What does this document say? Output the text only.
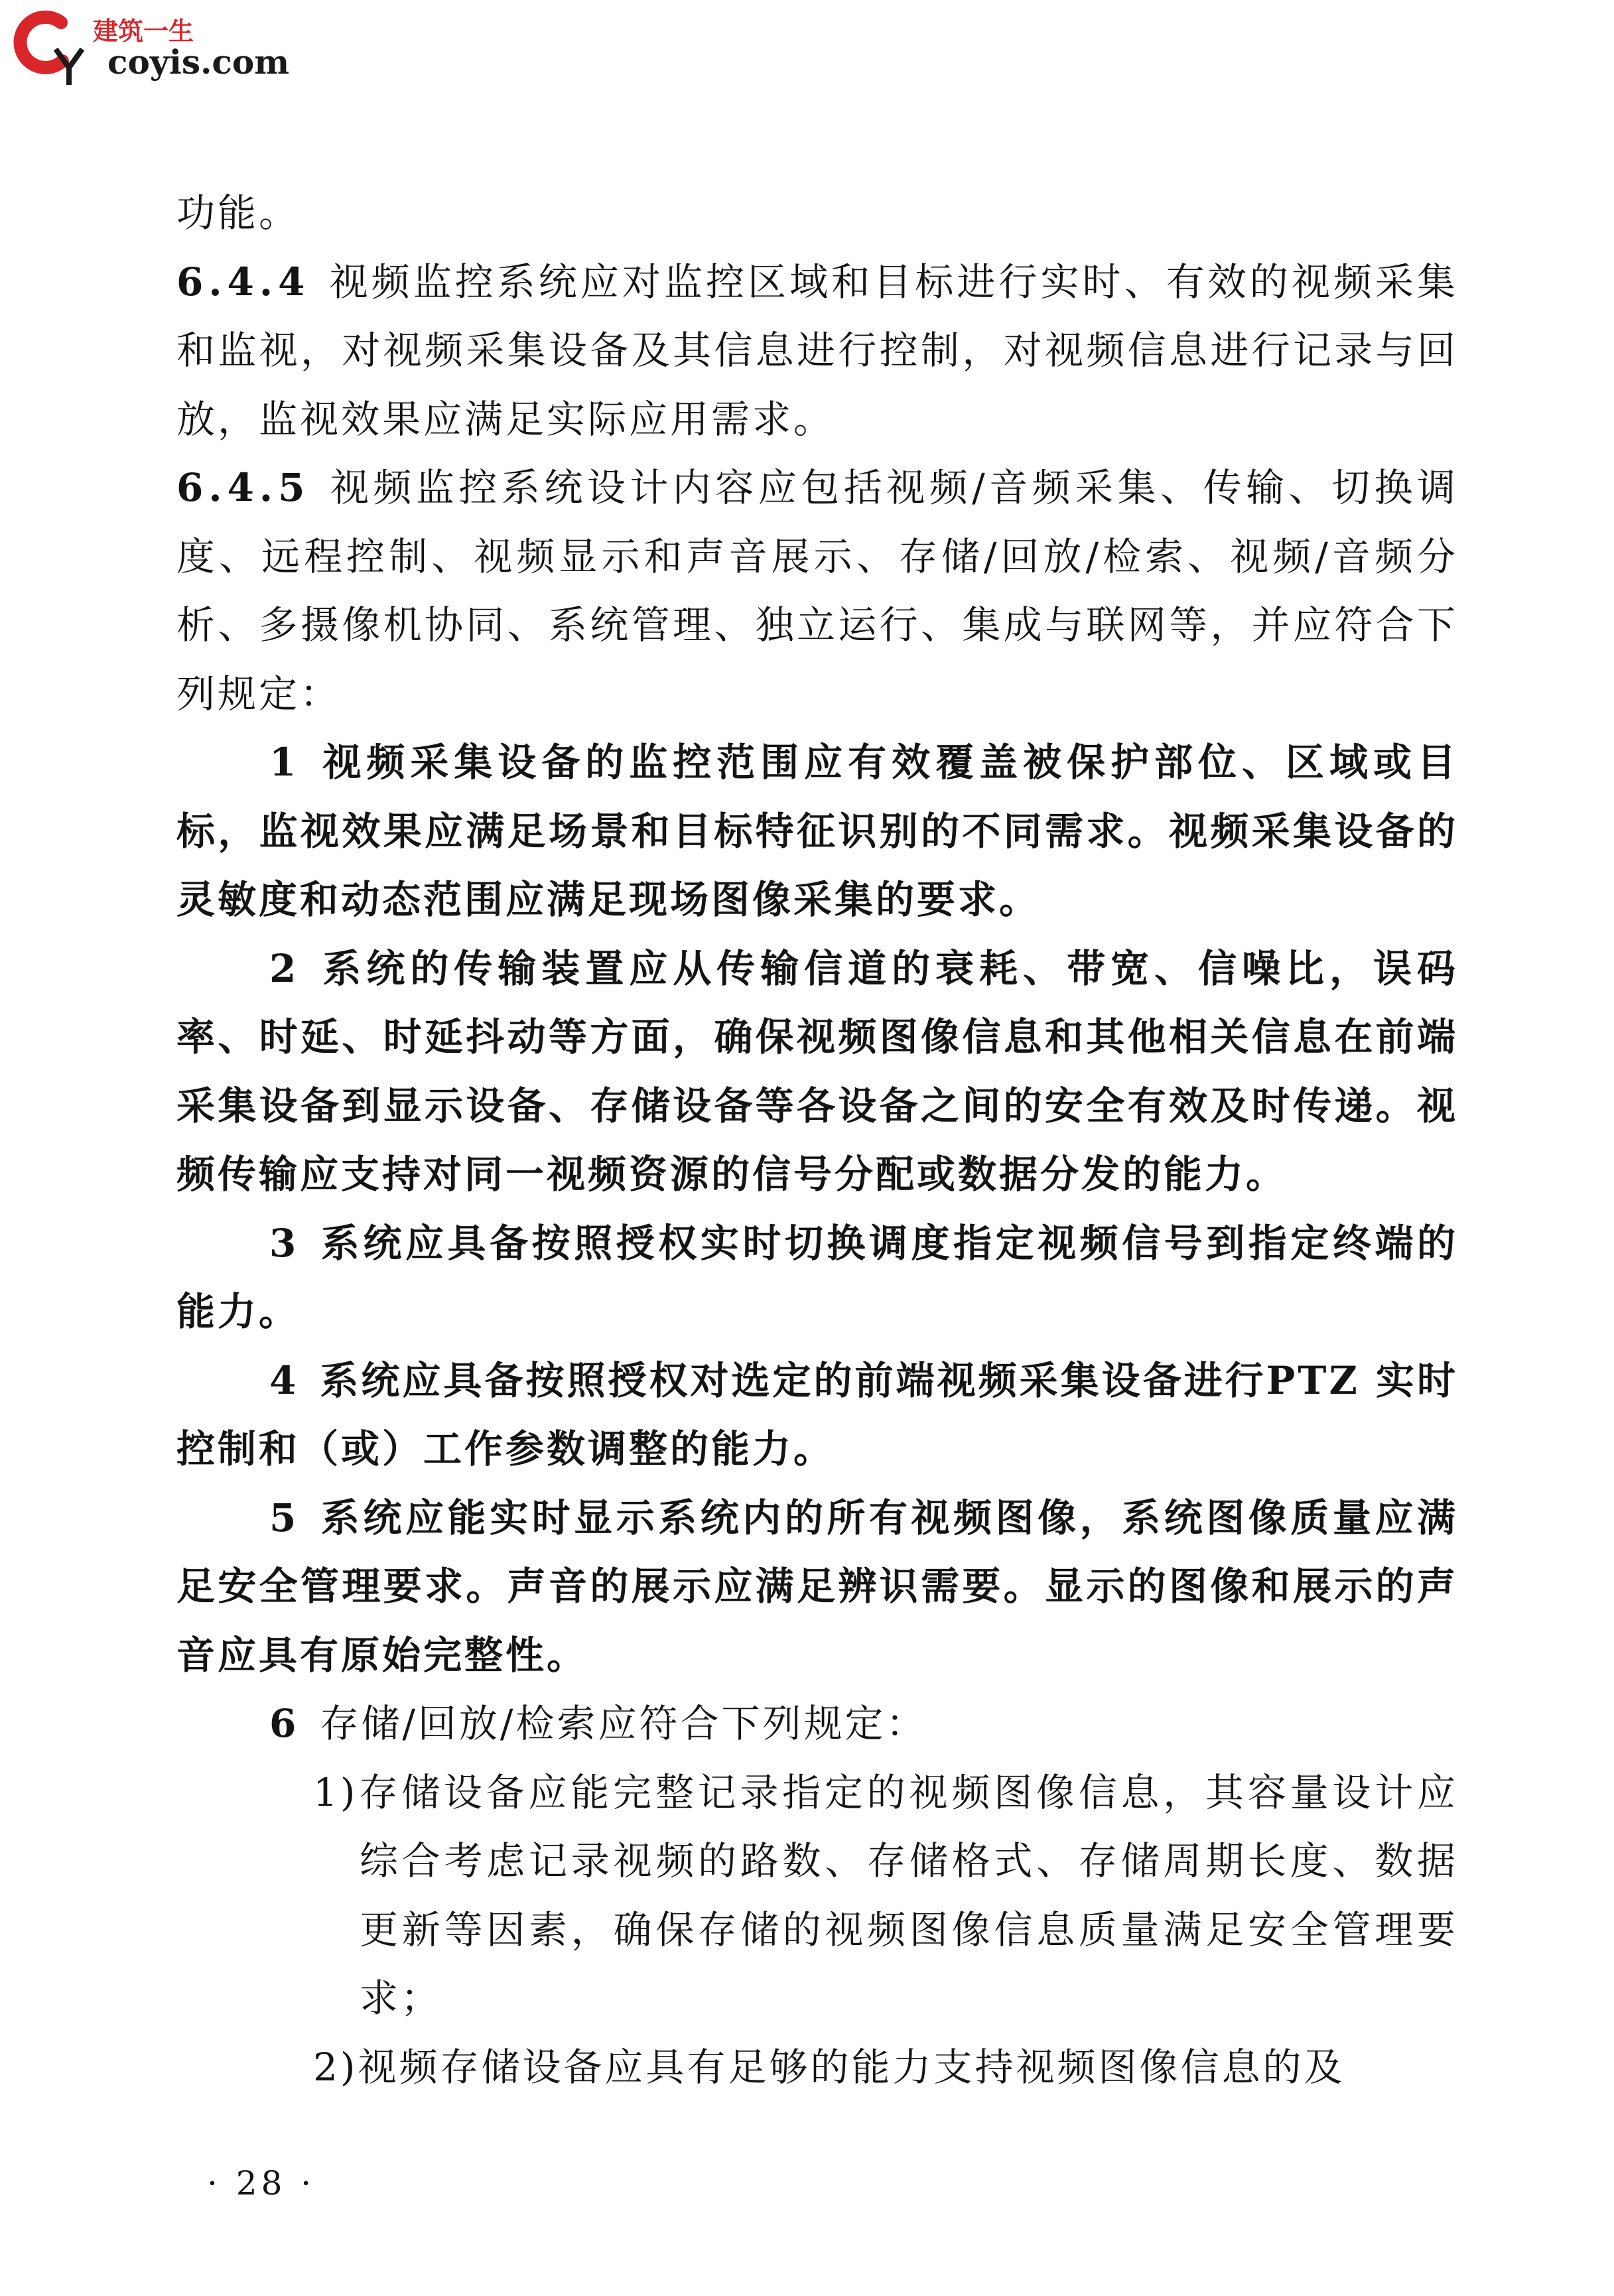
建筑一生
coyis.com

功能。

6.4.4 视频监控系统应对监控区域和目标进行实时、有效的视频采集和监视，对视频采集设备及其信息进行控制，对视频信息进行记录与回放，监视效果应满足实际应用需求。

6.4.5 视频监控系统设计内容应包括视频/音频采集、传输、切换调度、远程控制、视频显示和声音展示、存储/回放/检索、视频/音频分析、多摄像机协同、系统管理、独立运行、集成与联网等，并应符合下列规定：

1 视频采集设备的监控范围应有效覆盖被保护部位、区域或目标，监视效果应满足场景和目标特征识别的不同需求。视频采集设备的灵敏度和动态范围应满足现场图像采集的要求。

2 系统的传输装置应从传输信道的衰耗、带宽、信噪比，误码率、时延、时延抖动等方面，确保视频图像信息和其他相关信息在前端采集设备到显示设备、存储设备等各设备之间的安全有效及时传递。视频传输应支持对同一视频资源的信号分配或数据分发的能力。

3 系统应具备按照授权实时切换调度指定视频信号到指定终端的能力。

4 系统应具备按照授权对选定的前端视频采集设备进行PTZ 实时控制和（或）工作参数调整的能力。

5 系统应能实时显示系统内的所有视频图像，系统图像质量应满足安全管理要求。声音的展示应满足辨识需要。显示的图像和展示的声音应具有原始完整性。

6 存储/回放/检索应符合下列规定：

1)存储设备应能完整记录指定的视频图像信息，其容量设计应综合考虑记录视频的路数、存储格式、存储周期长度、数据更新等因素，确保存储的视频图像信息质量满足安全管理要求；

2)视频存储设备应具有足够的能力支持视频图像信息的及

· 28 ·
